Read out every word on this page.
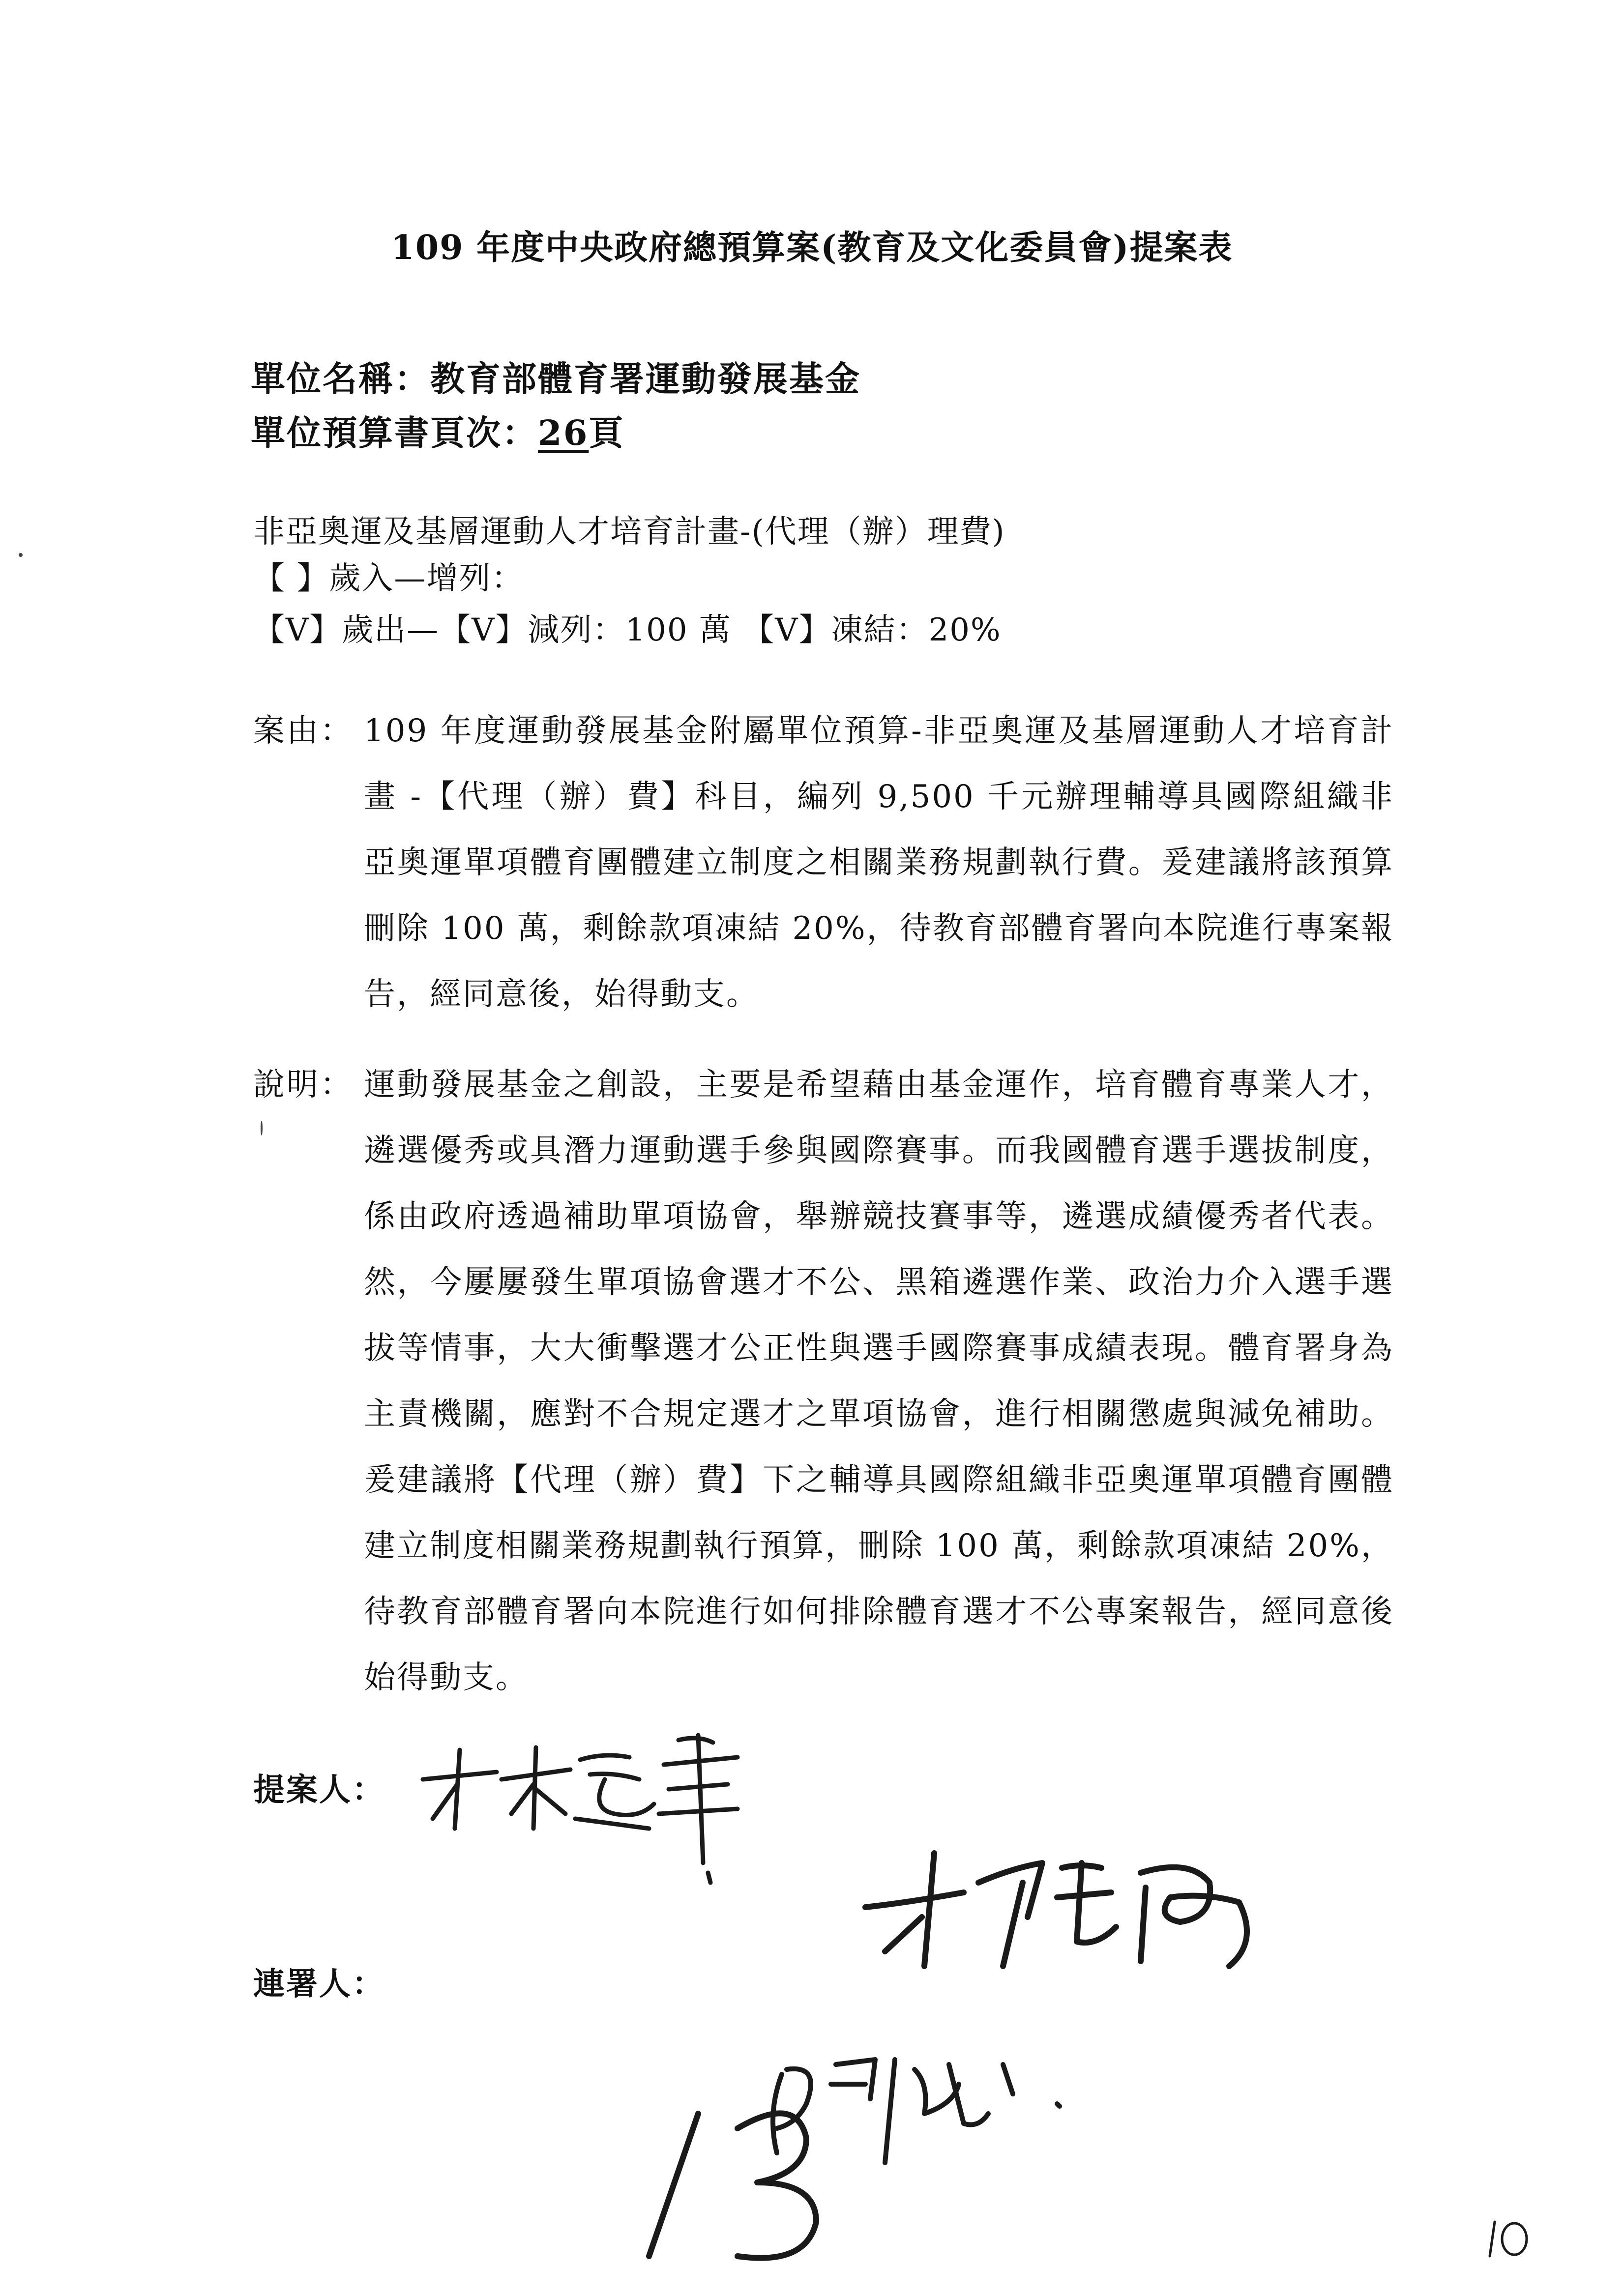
109 年度中央政府總預算案(教育及文化委員會)提案表
單位名稱：教育部體育署運動發展基金
單位預算書頁次：26頁
非亞奧運及基層運動人才培育計畫-(代理（辦）理費)
【 】歲入—增列：
【V】歲出—【V】減列：100 萬 【V】凍結：20%
案由： 109 年度運動發展基金附屬單位預算-非亞奧運及基層運動人才培育計畫 -【代理（辦）費】科目，編列 9,500 千元辦理輔導具國際組織非亞奧運單項體育團體建立制度之相關業務規劃執行費。爰建議將該預算刪除 100 萬，剩餘款項凍結 20%，待教育部體育署向本院進行專案報告，經同意後，始得動支。
說明： 運動發展基金之創設，主要是希望藉由基金運作，培育體育專業人才，遴選優秀或具潛力運動選手參與國際賽事。而我國體育選手選拔制度，係由政府透過補助單項協會，舉辦競技賽事等，遴選成績優秀者代表。然，今屢屢發生單項協會選才不公、黑箱遴選作業、政治力介入選手選拔等情事，大大衝擊選才公正性與選手國際賽事成績表現。體育署身為主責機關，應對不合規定選才之單項協會，進行相關懲處與減免補助。爰建議將【代理（辦）費】下之輔導具國際組織非亞奧運單項體育團體建立制度相關業務規劃執行預算，刪除 100 萬，剩餘款項凍結 20%，待教育部體育署向本院進行如何排除體育選才不公專案報告，經同意後始得動支。
提案人：
連署人：
